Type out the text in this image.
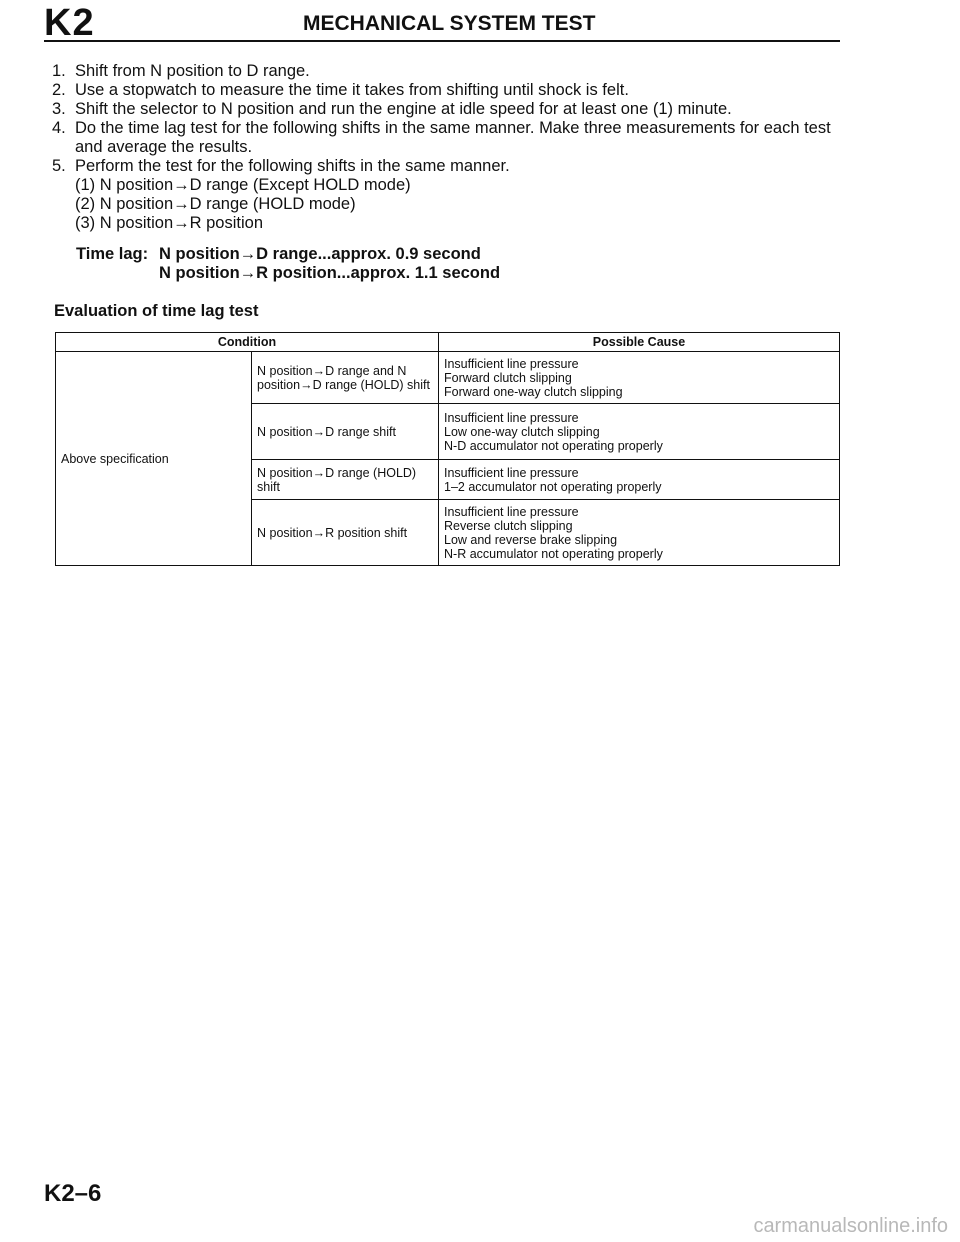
K2	MECHANICAL SYSTEM TEST
1. Shift from N position to D range.
2. Use a stopwatch to measure the time it takes from shifting until shock is felt.
3. Shift the selector to N position and run the engine at idle speed for at least one (1) minute.
4. Do the time lag test for the following shifts in the same manner. Make three measurements for each test and average the results.
5. Perform the test for the following shifts in the same manner.
(1) N position→D range (Except HOLD mode)
(2) N position→D range (HOLD mode)
(3) N position→R position
Time lag: N position→D range...approx. 0.9 second
N position→R position...approx. 1.1 second
Evaluation of time lag test
Condition		Possible Cause
Above specification	N position→D range and N position→D range (HOLD) shift	Insufficient line pressure
Forward clutch slipping
Forward one-way clutch slipping

	N position→D range shift	Insufficient line pressure
Low one-way clutch slipping
N-D accumulator not operating properly

	N position→D range (HOLD) shift	Insufficient line pressure
1–2 accumulator not operating properly

	N position→R position shift	Insufficient line pressure
Reverse clutch slipping
Low and reverse brake slipping
N-R accumulator not operating properly
K2–6
carmanualsonline.info
